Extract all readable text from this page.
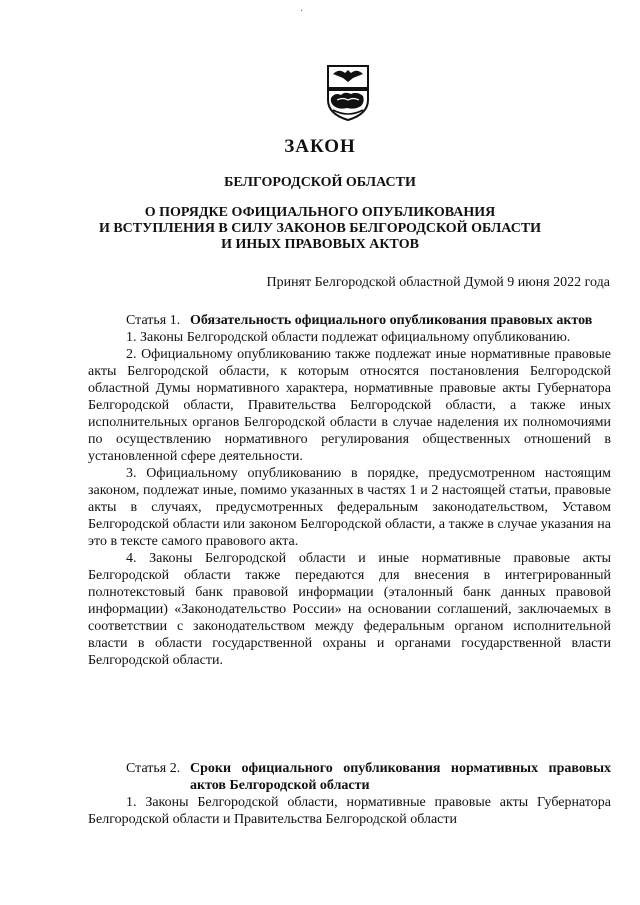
ЗАКОН
БЕЛГОРОДСКОЙ ОБЛАСТИ
О ПОРЯДКЕ ОФИЦИАЛЬНОГО ОПУБЛИКОВАНИЯ
И ВСТУПЛЕНИЯ В СИЛУ ЗАКОНОВ БЕЛГОРОДСКОЙ ОБЛАСТИ
И ИНЫХ ПРАВОВЫХ АКТОВ
Принят Белгородской областной Думой 9 июня 2022 года
Статья 1. Обязательность официального опубликования правовых актов

1. Законы Белгородской области подлежат официальному опубликованию.

2. Официальному опубликованию также подлежат иные нормативные правовые акты Белгородской области, к которым относятся постановления Белгородской областной Думы нормативного характера, нормативные правовые акты Губернатора Белгородской области, Правительства Белгородской области, а также иных исполнительных органов Белгородской области в случае наделения их полномочиями по осуществлению нормативного регулирования общественных отношений в установленной сфере деятельности.

3. Официальному опубликованию в порядке, предусмотренном настоящим законом, подлежат иные, помимо указанных в частях 1 и 2 настоящей статьи, правовые акты в случаях, предусмотренных федеральным законодательством, Уставом Белгородской области или законом Белгородской области, а также в случае указания на это в тексте самого правового акта.

4. Законы Белгородской области и иные нормативные правовые акты Белгородской области также передаются для внесения в интегрированный полнотекстовый банк правовой информации (эталонный банк данных правовой информации) «Законодательство России» на основании соглашений, заключаемых в соответствии с законодательством между федеральным органом исполнительной власти в области государственной охраны и органами государственной власти Белгородской области.

Статья 2. Сроки официального опубликования нормативных правовых актов Белгородской области

1. Законы Белгородской области, нормативные правовые акты Губернатора Белгородской области и Правительства Белгородской области

·
